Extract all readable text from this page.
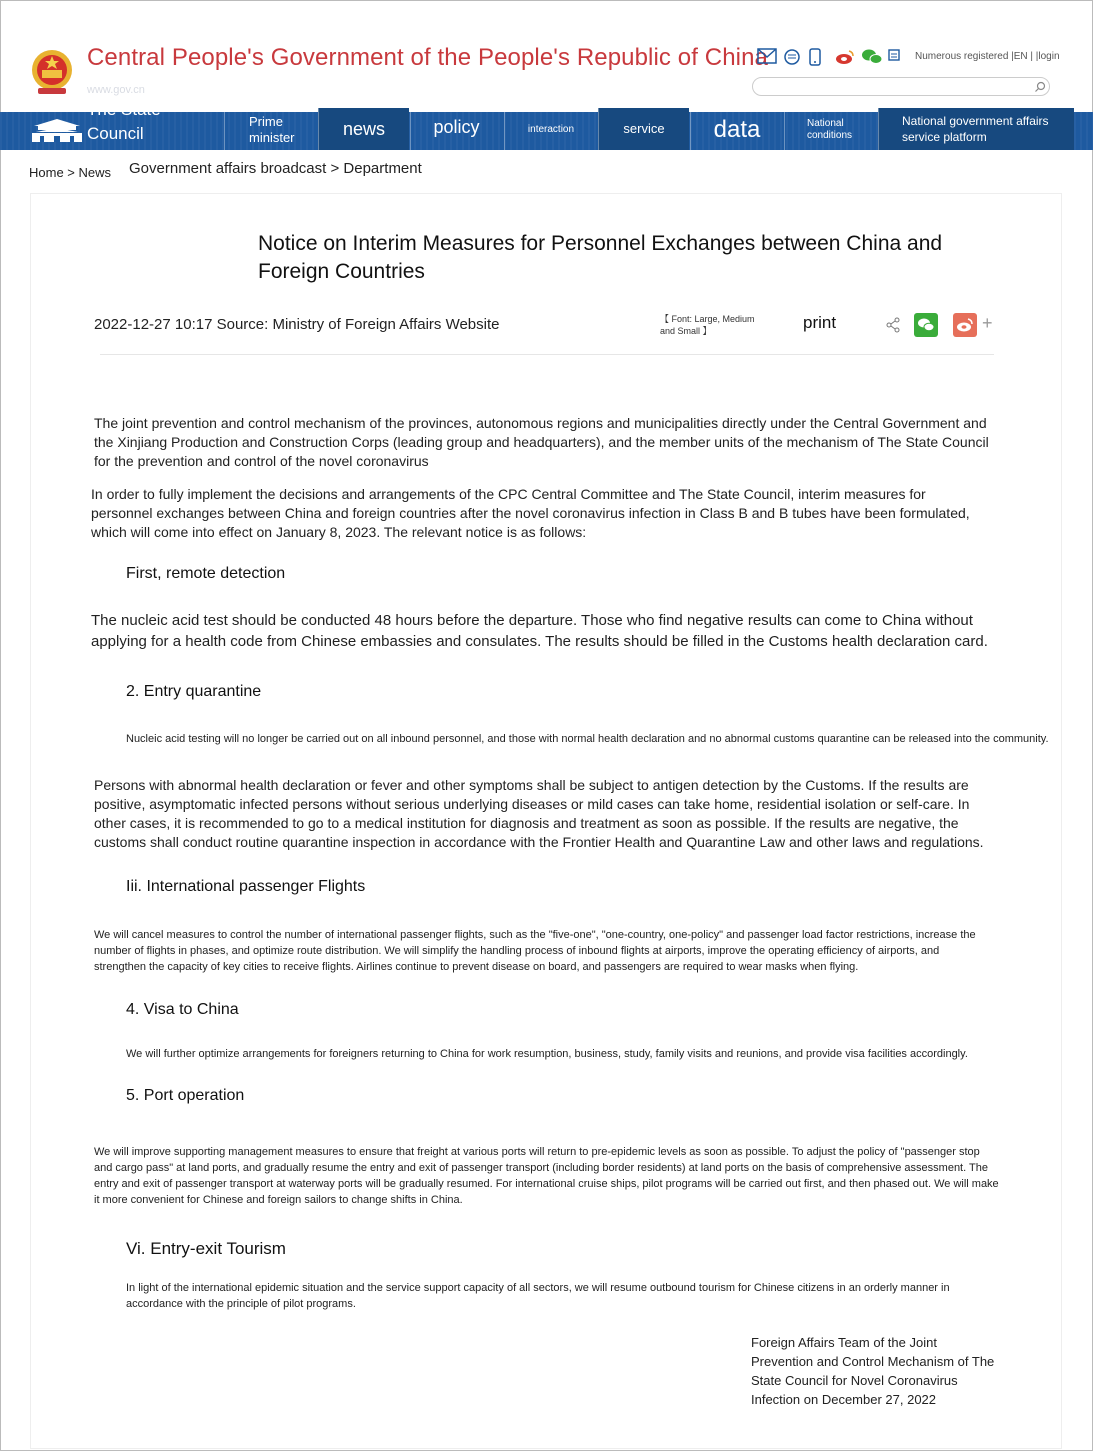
Central People's Government of the People's Republic of China	Numerous registered |EN | |login
www.gov.cn
The State Council
Prime minister	news	policy	interaction	service	data	National conditions
National government affairs service platform
Home > News Government affairs broadcast > Department
Notice on Interim Measures for Personnel Exchanges between China and Foreign Countries
2022-12-27 10:17 Source: Ministry of Foreign Affairs Website	【 Font: Large, Medium and Small 】	print	+
The joint prevention and control mechanism of the provinces, autonomous regions and municipalities directly under the Central Government and the Xinjiang Production and Construction Corps (leading group and headquarters), and the member units of the mechanism of The State Council for the prevention and control of the novel coronavirus
In order to fully implement the decisions and arrangements of the CPC Central Committee and The State Council, interim measures for personnel exchanges between China and foreign countries after the novel coronavirus infection in Class B and B tubes have been formulated, which will come into effect on January 8, 2023. The relevant notice is as follows:
First, remote detection
The nucleic acid test should be conducted 48 hours before the departure. Those who find negative results can come to China without applying for a health code from Chinese embassies and consulates. The results should be filled in the Customs health declaration card.
2. Entry quarantine
Nucleic acid testing will no longer be carried out on all inbound personnel, and those with normal health declaration and no abnormal customs quarantine can be released into the community.
Persons with abnormal health declaration or fever and other symptoms shall be subject to antigen detection by the Customs. If the results are positive, asymptomatic infected persons without serious underlying diseases or mild cases can take home, residential isolation or self-care. In other cases, it is recommended to go to a medical institution for diagnosis and treatment as soon as possible. If the results are negative, the customs shall conduct routine quarantine inspection in accordance with the Frontier Health and Quarantine Law and other laws and regulations.
Iii. International passenger Flights
We will cancel measures to control the number of international passenger flights, such as the "five-one", "one-country, one-policy" and passenger load factor restrictions, increase the number of flights in phases, and optimize route distribution. We will simplify the handling process of inbound flights at airports, improve the operating efficiency of airports, and strengthen the capacity of key cities to receive flights. Airlines continue to prevent disease on board, and passengers are required to wear masks when flying.
4. Visa to China
We will further optimize arrangements for foreigners returning to China for work resumption, business, study, family visits and reunions, and provide visa facilities accordingly.
5. Port operation
We will improve supporting management measures to ensure that freight at various ports will return to pre-epidemic levels as soon as possible. To adjust the policy of "passenger stop and cargo pass" at land ports, and gradually resume the entry and exit of passenger transport (including border residents) at land ports on the basis of comprehensive assessment. The entry and exit of passenger transport at waterway ports will be gradually resumed. For international cruise ships, pilot programs will be carried out first, and then phased out. We will make it more convenient for Chinese and foreign sailors to change shifts in China.
Vi. Entry-exit Tourism
In light of the international epidemic situation and the service support capacity of all sectors, we will resume outbound tourism for Chinese citizens in an orderly manner in accordance with the principle of pilot programs.
Foreign Affairs Team of the Joint Prevention and Control Mechanism of The State Council for Novel Coronavirus Infection on December 27, 2022
